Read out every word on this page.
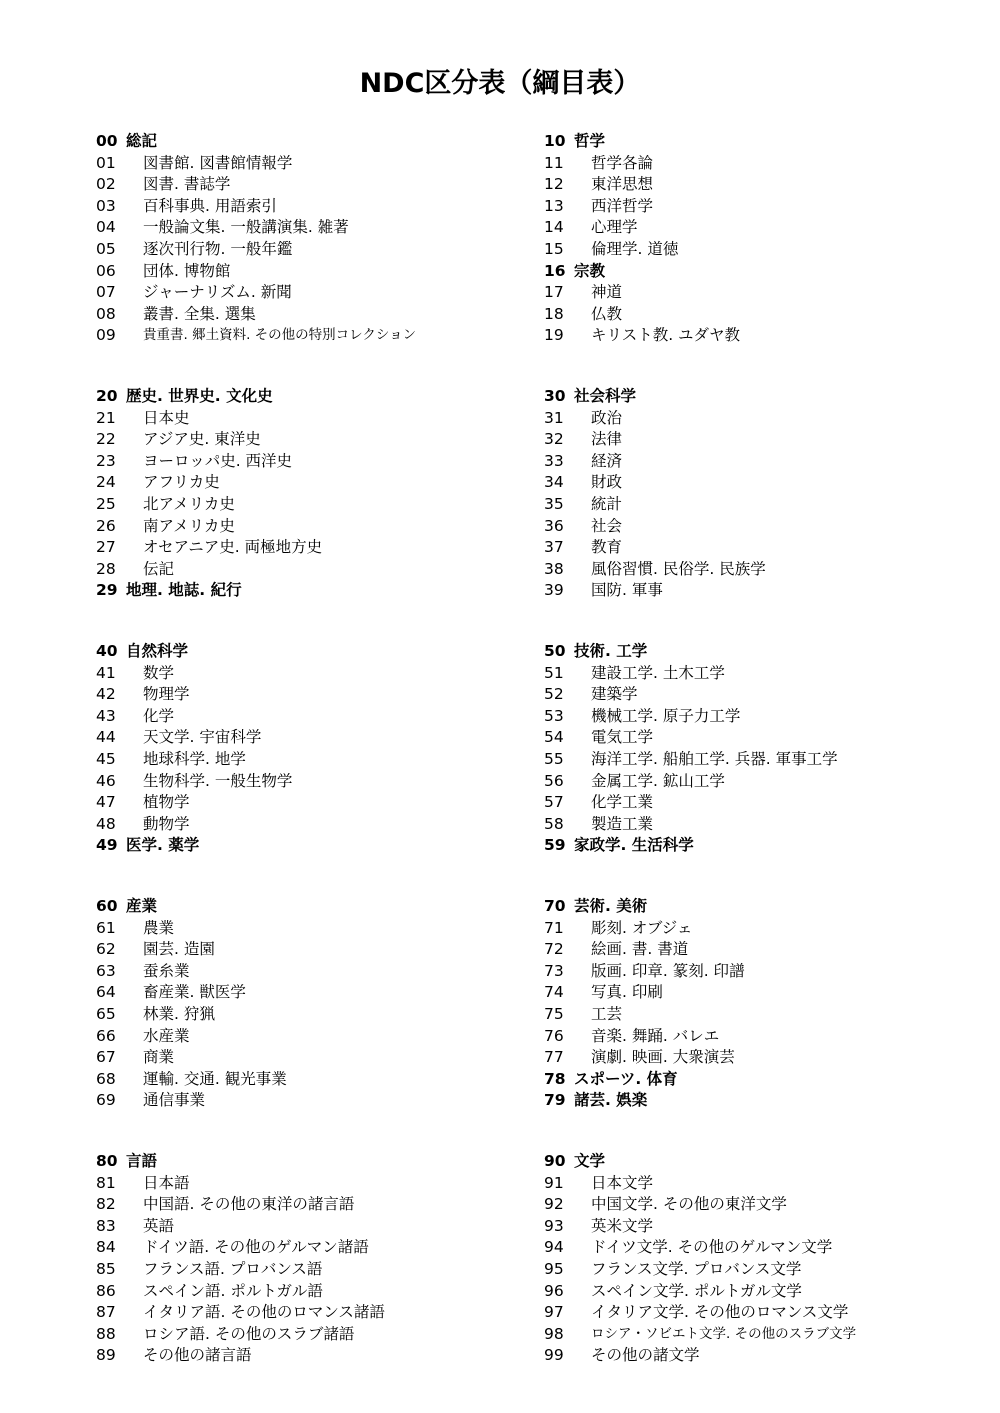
NDC区分表（綱目表）
00 総記
01	図書館. 図書館情報学
02	図書. 書誌学
03	百科事典. 用語索引
04	一般論文集. 一般講演集. 雑著
05	逐次刊行物. 一般年鑑
06	団体. 博物館
07	ジャーナリズム. 新聞
08	叢書. 全集. 選集
09	貴重書. 郷土資料. その他の特別コレクション
10 哲学
11	哲学各論
12	東洋思想
13	西洋哲学
14	心理学
15	倫理学. 道徳
16 宗教
17	神道
18	仏教
19	キリスト教. ユダヤ教
20 歴史. 世界史. 文化史
21	日本史
22	アジア史. 東洋史
23	ヨーロッパ史. 西洋史
24	アフリカ史
25	北アメリカ史
26	南アメリカ史
27	オセアニア史. 両極地方史
28	伝記
29 地理. 地誌. 紀行
30 社会科学
31	政治
32	法律
33	経済
34	財政
35	統計
36	社会
37	教育
38	風俗習慣. 民俗学. 民族学
39	国防. 軍事
40 自然科学
41	数学
42	物理学
43	化学
44	天文学. 宇宙科学
45	地球科学. 地学
46	生物科学. 一般生物学
47	植物学
48	動物学
49 医学. 薬学
50 技術. 工学
51	建設工学. 土木工学
52	建築学
53	機械工学. 原子力工学
54	電気工学
55	海洋工学. 船舶工学. 兵器. 軍事工学
56	金属工学. 鉱山工学
57	化学工業
58	製造工業
59 家政学. 生活科学
60 産業
61	農業
62	園芸. 造園
63	蚕糸業
64	畜産業. 獣医学
65	林業. 狩猟
66	水産業
67	商業
68	運輸. 交通. 観光事業
69	通信事業
70 芸術. 美術
71	彫刻. オブジェ
72	絵画. 書. 書道
73	版画. 印章. 篆刻. 印譜
74	写真. 印刷
75	工芸
76	音楽. 舞踊. バレエ
77	演劇. 映画. 大衆演芸
78 スポーツ. 体育
79 諸芸. 娯楽
80 言語
81	日本語
82	中国語. その他の東洋の諸言語
83	英語
84	ドイツ語. その他のゲルマン諸語
85	フランス語. プロバンス語
86	スペイン語. ポルトガル語
87	イタリア語. その他のロマンス諸語
88	ロシア語. その他のスラブ諸語
89	その他の諸言語
90 文学
91	日本文学
92	中国文学. その他の東洋文学
93	英米文学
94	ドイツ文学. その他のゲルマン文学
95	フランス文学. プロバンス文学
96	スペイン文学. ポルトガル文学
97	イタリア文学. その他のロマンス文学
98	ロシア・ソビエト文学. その他のスラブ文学
99	その他の諸文学
